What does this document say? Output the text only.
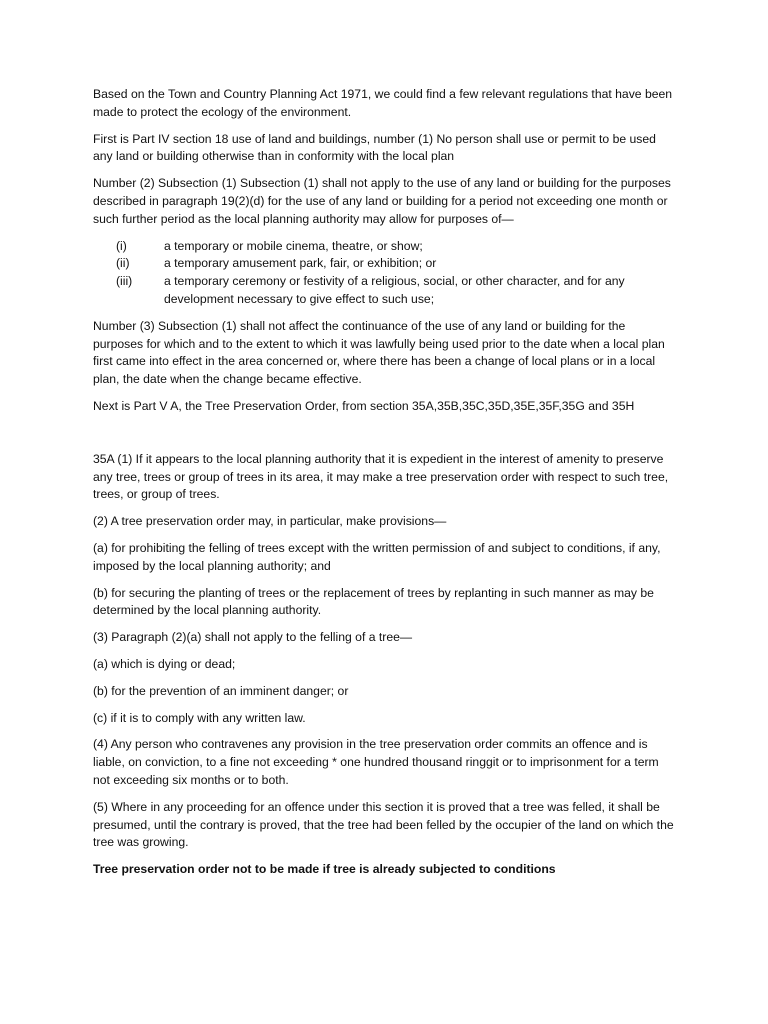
Based on the Town and Country Planning Act 1971, we could find a few relevant regulations that have been made to protect the ecology of the environment.

First is Part IV section 18 use of land and buildings, number (1) No person shall use or permit to be used any land or building otherwise than in conformity with the local plan

Number (2) Subsection (1) Subsection (1) shall not apply to the use of any land or building for the purposes described in paragraph 19(2)(d) for the use of any land or building for a period not exceeding one month or such further period as the local planning authority may allow for purposes of—

(i)	a temporary or mobile cinema, theatre, or show;
(ii)	a temporary amusement park, fair, or exhibition; or
(iii)	a temporary ceremony or festivity of a religious, social, or other character, and for any development necessary to give effect to such use;

Number (3) Subsection (1) shall not affect the continuance of the use of any land or building for the purposes for which and to the extent to which it was lawfully being used prior to the date when a local plan first came into effect in the area concerned or, where there has been a change of local plans or in a local plan, the date when the change became effective.

Next is Part V A, the Tree Preservation Order, from section 35A,35B,35C,35D,35E,35F,35G and 35H

35A (1) If it appears to the local planning authority that it is expedient in the interest of amenity to preserve any tree, trees or group of trees in its area, it may make a tree preservation order with respect to such tree, trees, or group of trees.

(2) A tree preservation order may, in particular, make provisions—

(a) for prohibiting the felling of trees except with the written permission of and subject to conditions, if any, imposed by the local planning authority; and

(b) for securing the planting of trees or the replacement of trees by replanting in such manner as may be determined by the local planning authority.

(3) Paragraph (2)(a) shall not apply to the felling of a tree—

(a) which is dying or dead;

(b) for the prevention of an imminent danger; or

(c) if it is to comply with any written law.

(4) Any person who contravenes any provision in the tree preservation order commits an offence and is liable, on conviction, to a fine not exceeding * one hundred thousand ringgit or to imprisonment for a term not exceeding six months or to both.

(5) Where in any proceeding for an offence under this section it is proved that a tree was felled, it shall be presumed, until the contrary is proved, that the tree had been felled by the occupier of the land on which the tree was growing.

Tree preservation order not to be made if tree is already subjected to conditions
